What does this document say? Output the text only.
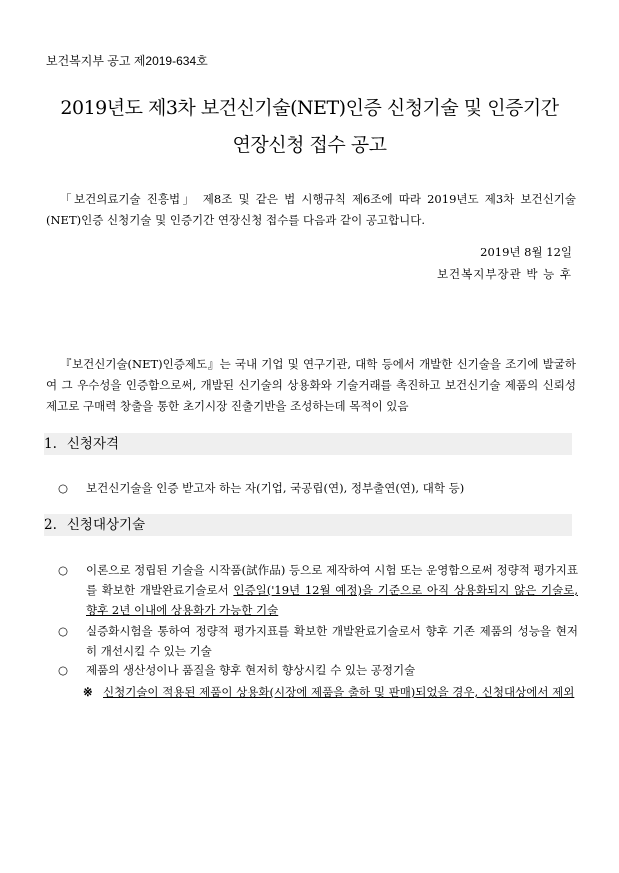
보건복지부 공고 제2019-634호
2019년도 제3차 보건신기술(NET)인증 신청기술 및 인증기간
연장신청 접수 공고
「보건의료기술 진흥법」 제8조 및 같은 법 시행규칙 제6조에 따라 2019년도 제3차 보건신기술(NET)인증 신청기술 및 인증기간 연장신청 접수를 다음과 같이 공고합니다.
2019년 8월 12일
보건복지부장관 박 능 후
『보건신기술(NET)인증제도』는 국내 기업 및 연구기관, 대학 등에서 개발한 신기술을 조기에 발굴하여 그 우수성을 인증함으로써, 개발된 신기술의 상용화와 기술거래를 촉진하고 보건신기술 제품의 신뢰성 제고로 구매력 창출을 통한 초기시장 진출기반을 조성하는데 목적이 있음
1. 신청자격
○	보건신기술을 인증 받고자 하는 자(기업, 국공립(연), 정부출연(연), 대학 등)
2. 신청대상기술
○	이론으로 정립된 기술을 시작품(試作品) 등으로 제작하여 시험 또는 운영함으로써 정량적 평가지표를 확보한 개발완료기술로서 인증일('19년 12월 예정)을 기준으로 아직 상용화되지 않은 기술로, 향후 2년 이내에 상용화가 가능한 기술
○	실증화시험을 통하여 정량적 평가지표를 확보한 개발완료기술로서 향후 기존 제품의 성능을 현저히 개선시킬 수 있는 기술
○	제품의 생산성이나 품질을 향후 현저히 향상시킬 수 있는 공정기술
※ 신청기술이 적용된 제품이 상용화(시장에 제품을 출하 및 판매)되었을 경우, 신청대상에서 제외
